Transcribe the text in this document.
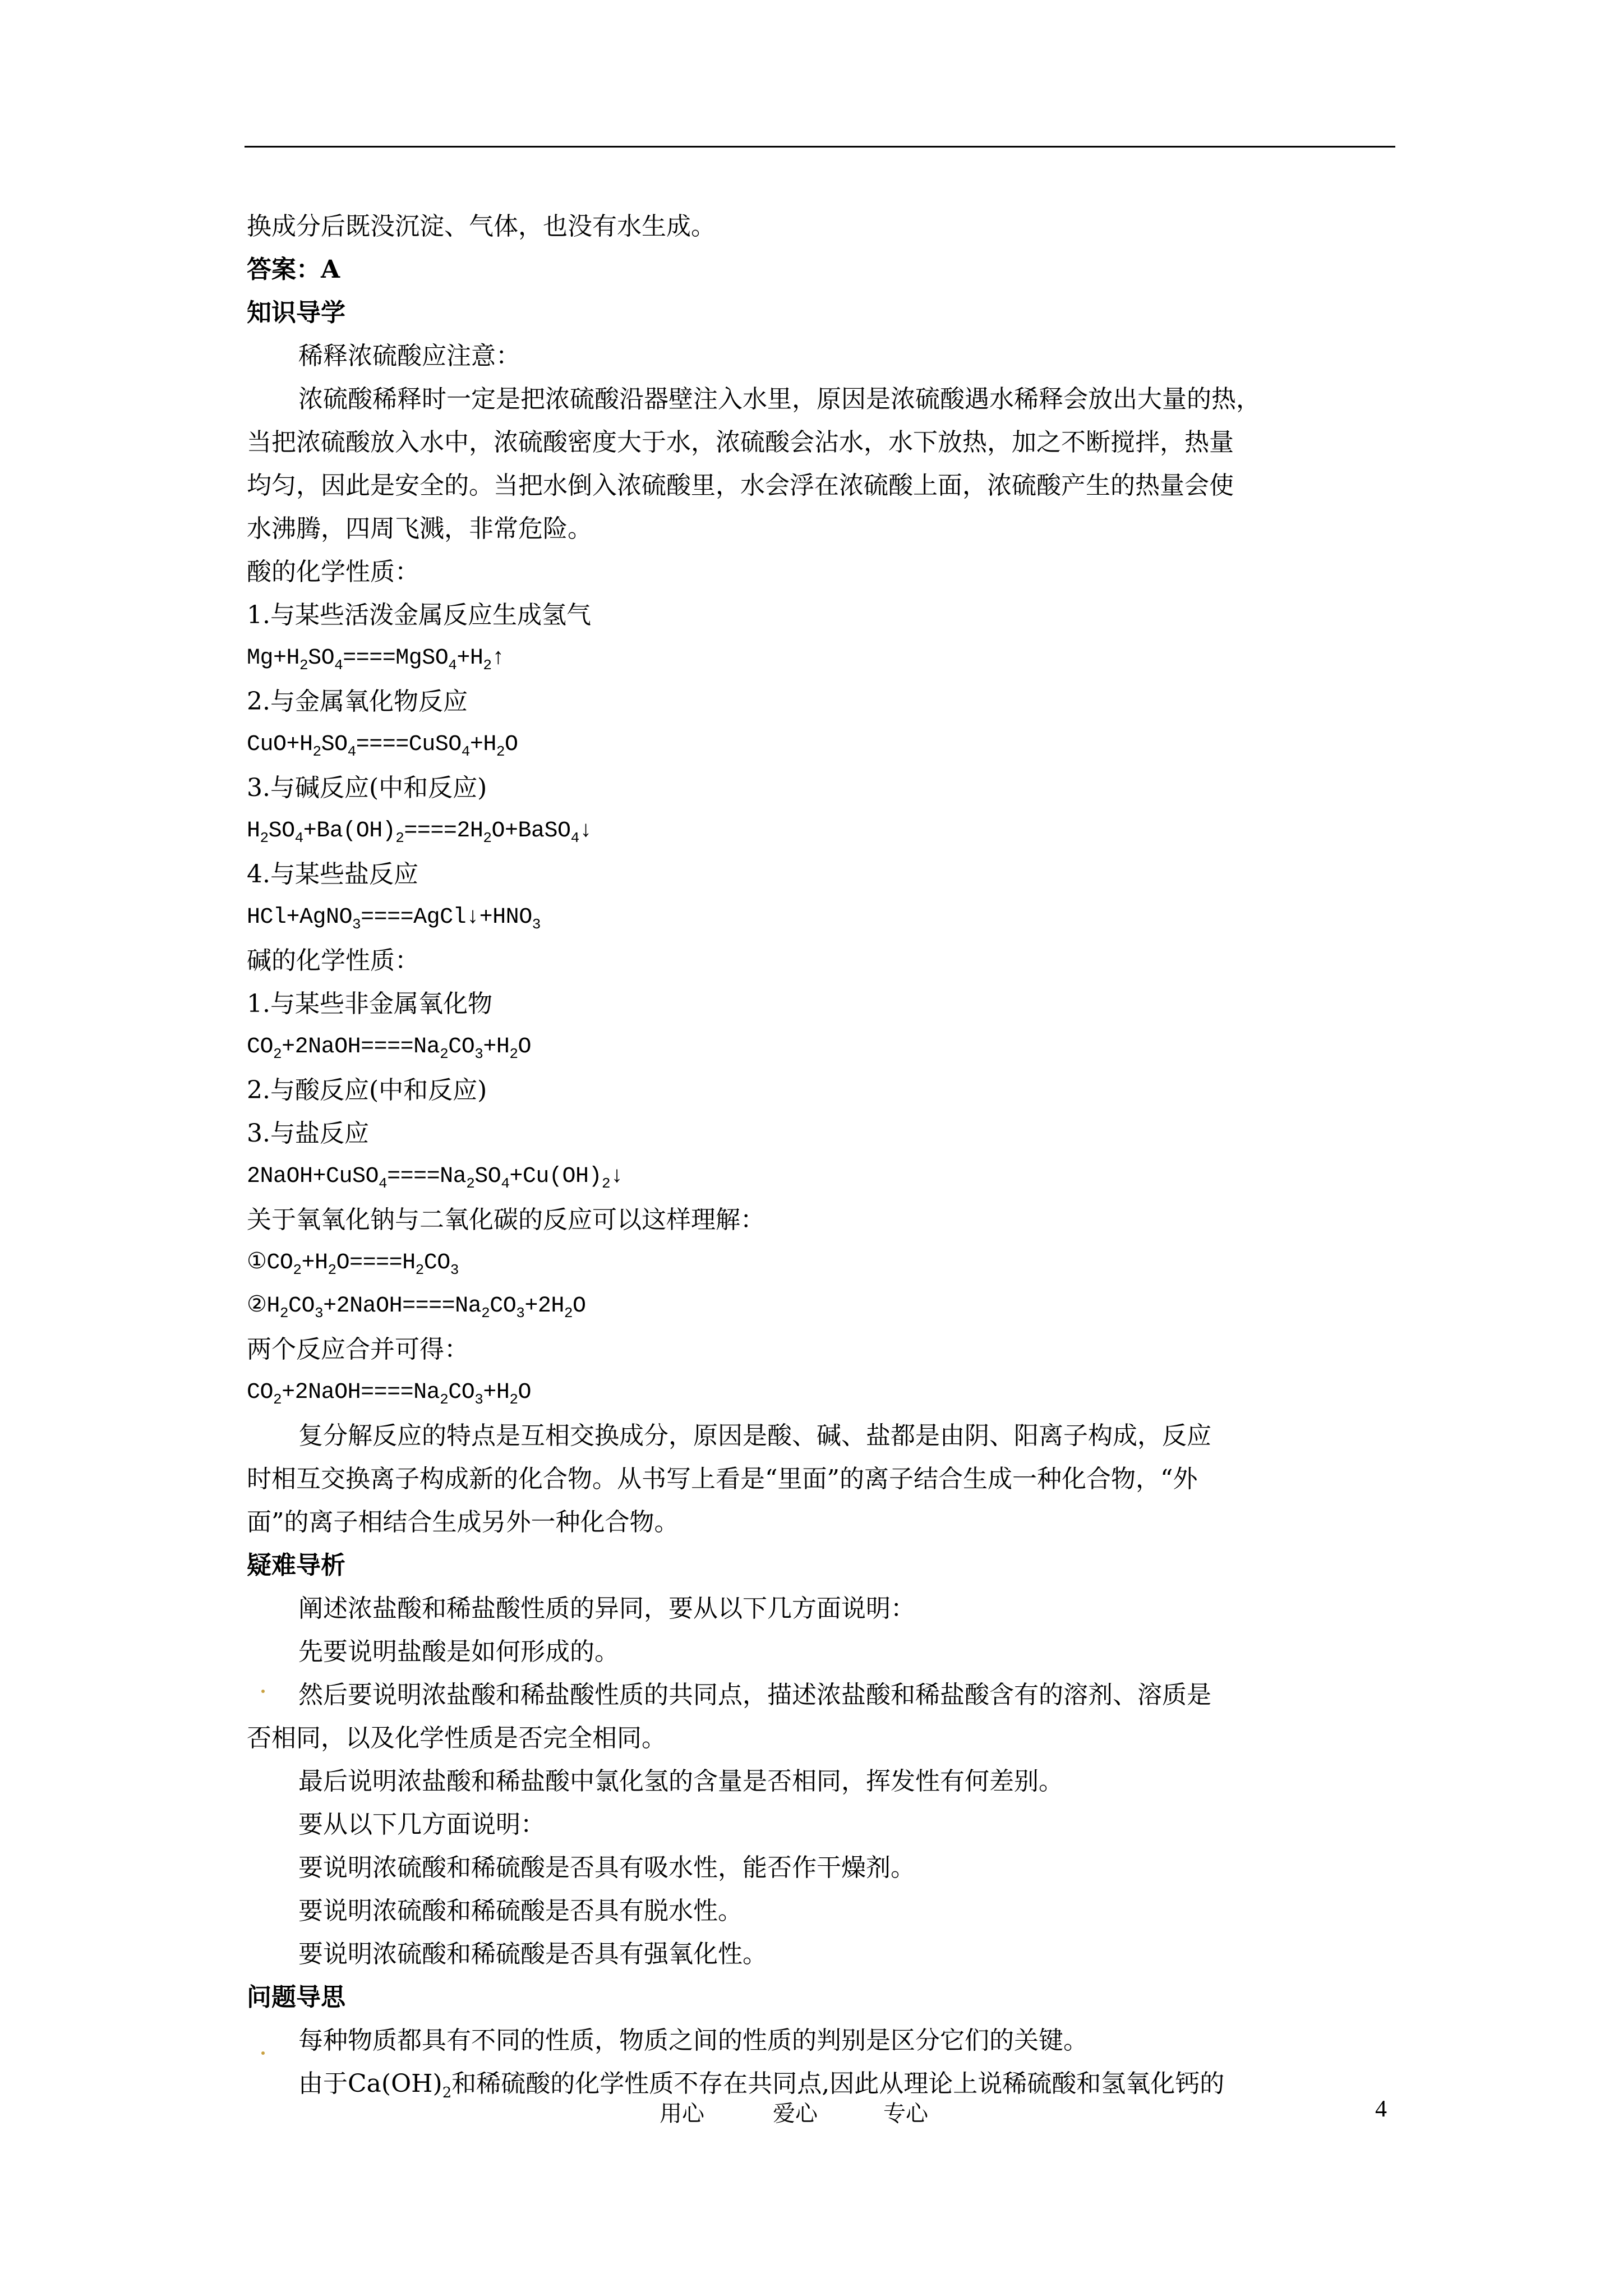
换成分后既没沉淀、气体，也没有水生成。
答案：A
知识导学
稀释浓硫酸应注意：
浓硫酸稀释时一定是把浓硫酸沿器壁注入水里，原因是浓硫酸遇水稀释会放出大量的热，
当把浓硫酸放入水中，浓硫酸密度大于水，浓硫酸会沾水，水下放热，加之不断搅拌，热量
均匀，因此是安全的。当把水倒入浓硫酸里，水会浮在浓硫酸上面，浓硫酸产生的热量会使
水沸腾，四周飞溅，非常危险。
酸的化学性质：
1.与某些活泼金属反应生成氢气
$Mg+H_2SO_4====MgSO_4+H_2↑$
2.与金属氧化物反应
$CuO+H_2SO_4====CuSO_4+H_2O$
3.与碱反应(中和反应)
$H_2SO_4+Ba(OH)_2====2H_2O+BaSO_4↓$
4.与某些盐反应
$HCl+AgNO_3====AgCl↓+HNO_3$
碱的化学性质：
1.与某些非金属氧化物
$CO_2+2NaOH====Na_2CO_3+H_2O$
2.与酸反应(中和反应)
3.与盐反应
$2NaOH+CuSO_4====Na_2SO_4+Cu(OH)_2↓$
关于氧氧化钠与二氧化碳的反应可以这样理解：
$①CO_2+H_2O====H_2CO_3$
$②H_2CO_3+2NaOH====Na_2CO_3+2H_2O$
两个反应合并可得：
$CO_2+2NaOH====Na_2CO_3+H_2O$
复分解反应的特点是互相交换成分，原因是酸、碱、盐都是由阴、阳离子构成，反应
时相互交换离子构成新的化合物。从书写上看是“里面”的离子结合生成一种化合物，“外
面”的离子相结合生成另外一种化合物。
疑难导析
阐述浓盐酸和稀盐酸性质的异同，要从以下几方面说明：
先要说明盐酸是如何形成的。
然后要说明浓盐酸和稀盐酸性质的共同点，描述浓盐酸和稀盐酸含有的溶剂、溶质是
否相同，以及化学性质是否完全相同。
最后说明浓盐酸和稀盐酸中氯化氢的含量是否相同，挥发性有何差别。
要从以下几方面说明：
要说明浓硫酸和稀硫酸是否具有吸水性，能否作干燥剂。
要说明浓硫酸和稀硫酸是否具有脱水性。
要说明浓硫酸和稀硫酸是否具有强氧化性。
问题导思
每种物质都具有不同的性质，物质之间的性质的判别是区分它们的关键。
由于$Ca(OH)_2$和稀硫酸的化学性质不存在共同点,因此从理论上说稀硫酸和氢氧化钙的
用心	爱心	专心	4
